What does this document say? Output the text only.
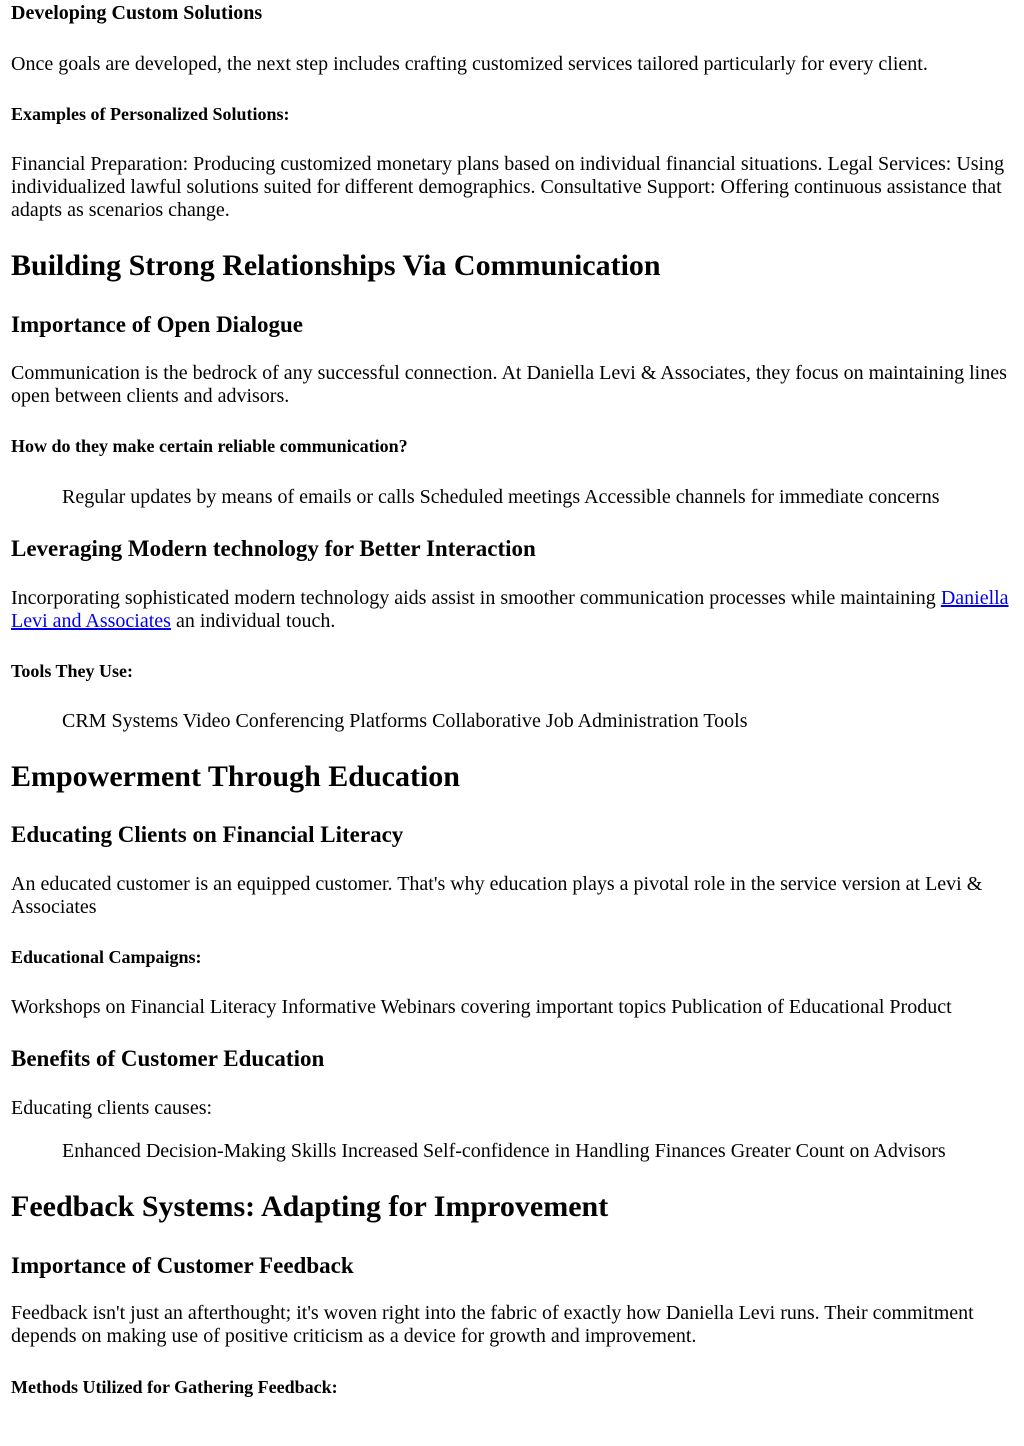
Developing Custom Solutions

Once goals are developed, the next step includes crafting customized services tailored particularly for every client.

Examples of Personalized Solutions:

Financial Preparation: Producing customized monetary plans based on individual financial situations. Legal Services: Using individualized lawful solutions suited for different demographics. Consultative Support: Offering continuous assistance that adapts as scenarios change.

Building Strong Relationships Via Communication
Importance of Open Dialogue

Communication is the bedrock of any successful connection. At Daniella Levi & Associates, they focus on maintaining lines open between clients and advisors.

How do they make certain reliable communication?

Regular updates by means of emails or calls Scheduled meetings Accessible channels for immediate concerns

Leveraging Modern technology for Better Interaction

Incorporating sophisticated modern technology aids assist in smoother communication processes while maintaining Daniella Levi and Associates an individual touch.

Tools They Use:

CRM Systems Video Conferencing Platforms Collaborative Job Administration Tools

Empowerment Through Education
Educating Clients on Financial Literacy

An educated customer is an equipped customer. That's why education plays a pivotal role in the service version at Levi & Associates

Educational Campaigns:

Workshops on Financial Literacy Informative Webinars covering important topics Publication of Educational Product

Benefits of Customer Education

Educating clients causes:

Enhanced Decision-Making Skills Increased Self-confidence in Handling Finances Greater Count on Advisors

Feedback Systems: Adapting for Improvement
Importance of Customer Feedback

Feedback isn't just an afterthought; it's woven right into the fabric of exactly how Daniella Levi runs. Their commitment depends on making use of positive criticism as a device for growth and improvement.

Methods Utilized for Gathering Feedback:
